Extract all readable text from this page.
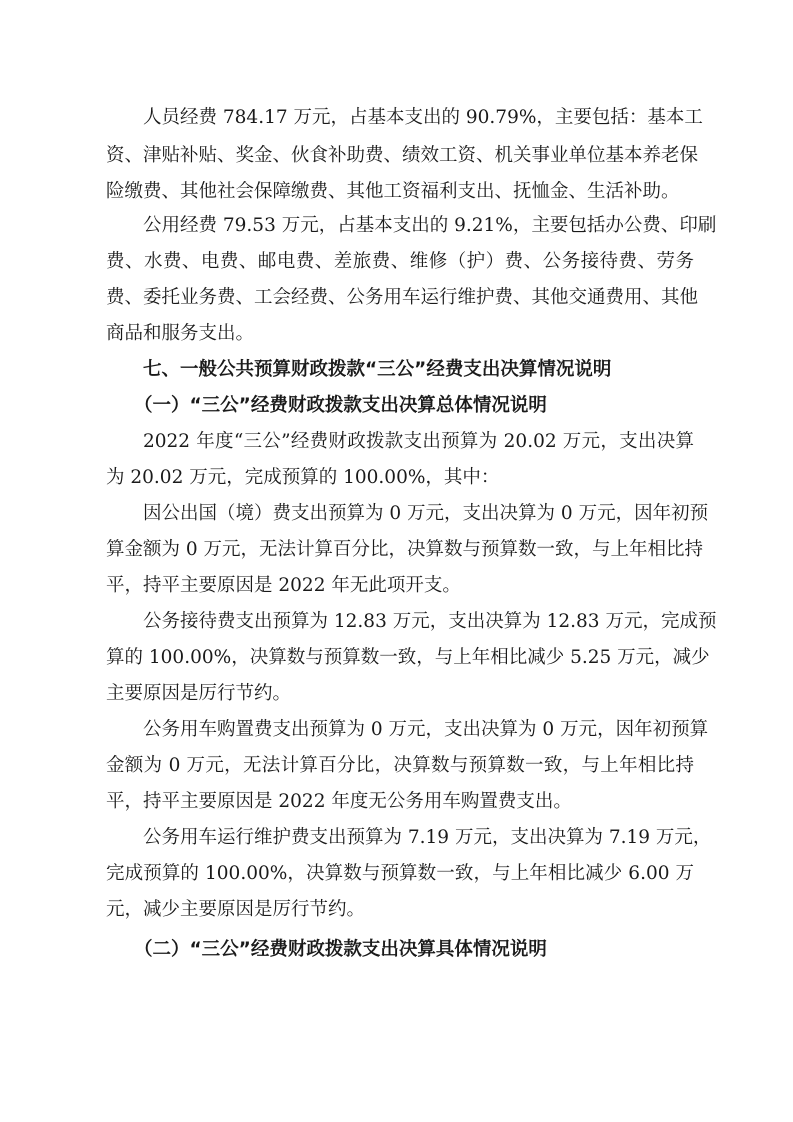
人员经费 784.17 万元，占基本支出的 90.79%，主要包括：基本工

资、津贴补贴、奖金、伙食补助费、绩效工资、机关事业单位基本养老保

险缴费、其他社会保障缴费、其他工资福利支出、抚恤金、生活补助。

公用经费 79.53 万元，占基本支出的 9.21%，主要包括办公费、印刷

费、水费、电费、邮电费、差旅费、维修（护）费、公务接待费、劳务

费、委托业务费、工会经费、公务用车运行维护费、其他交通费用、其他

商品和服务支出。

七、一般公共预算财政拨款“三公”经费支出决算情况说明

（一）“三公”经费财政拨款支出决算总体情况说明

2022 年度“三公”经费财政拨款支出预算为 20.02 万元，支出决算

为 20.02 万元，完成预算的 100.00%，其中：

因公出国（境）费支出预算为 0 万元，支出决算为 0 万元，因年初预

算金额为 0 万元，无法计算百分比，决算数与预算数一致，与上年相比持

平，持平主要原因是 2022 年无此项开支。

公务接待费支出预算为 12.83 万元，支出决算为 12.83 万元，完成预

算的 100.00%，决算数与预算数一致，与上年相比减少 5.25 万元，减少

主要原因是厉行节约。

公务用车购置费支出预算为 0 万元，支出决算为 0 万元，因年初预算

金额为 0 万元，无法计算百分比，决算数与预算数一致，与上年相比持

平，持平主要原因是 2022 年度无公务用车购置费支出。

公务用车运行维护费支出预算为 7.19 万元，支出决算为 7.19 万元，

完成预算的 100.00%，决算数与预算数一致，与上年相比减少 6.00 万

元，减少主要原因是厉行节约。

（二）“三公”经费财政拨款支出决算具体情况说明
